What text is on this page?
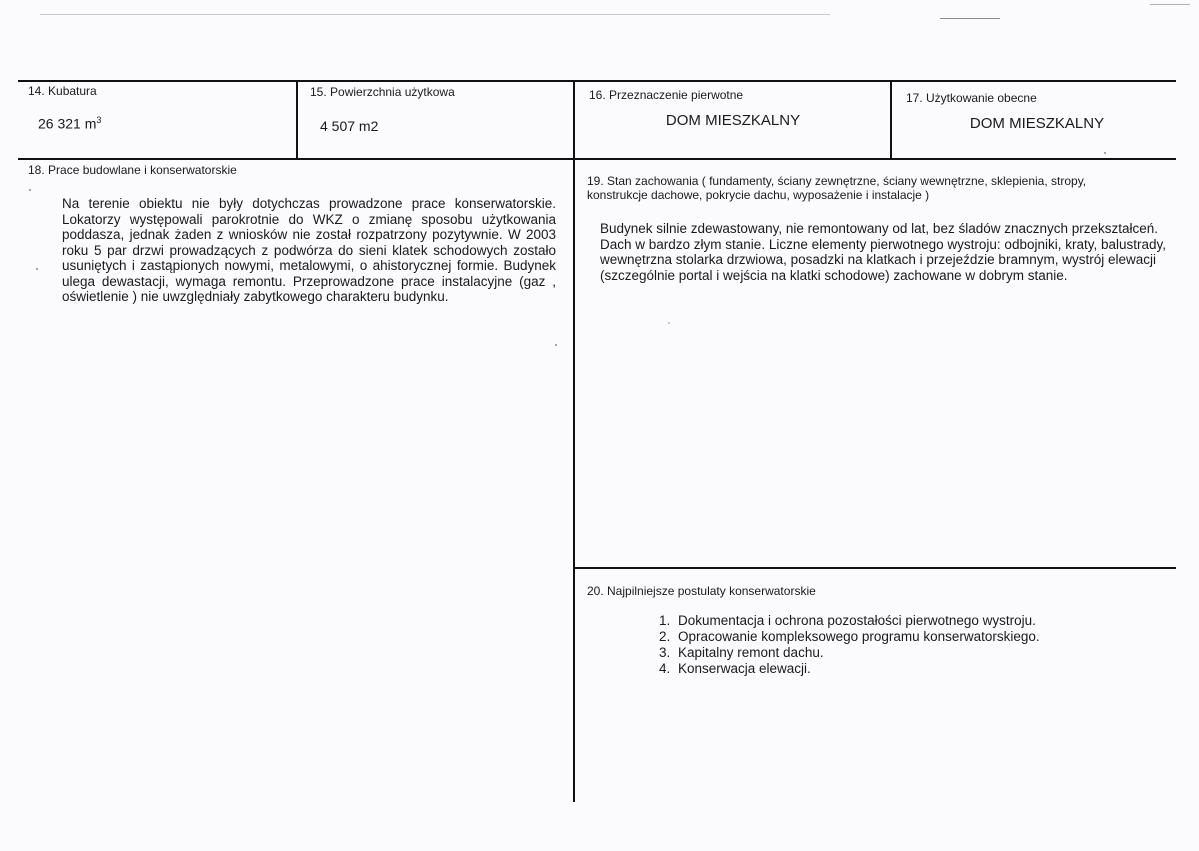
14. Kubatura
26 321 $m^3$
15. Powierzchnia użytkowa
4 507 m2
16. Przeznaczenie pierwotne
DOM MIESZKALNY
17. Użytkowanie obecne
DOM MIESZKALNY
18. Prace budowlane i konserwatorskie

Na terenie obiektu nie były dotychczas prowadzone prace konserwatorskie. Lokatorzy występowali parokrotnie do WKZ o zmianę sposobu użytkowania poddasza, jednak żaden z wniosków nie został rozpatrzony pozytywnie. W 2003 roku 5 par drzwi prowadzących z podwórza do sieni klatek schodowych zostało usuniętych i zastąpionych nowymi, metalowymi, o ahistorycznej formie. Budynek ulega dewastacji, wymaga remontu. Przeprowadzone prace instalacyjne (gaz , oświetlenie ) nie uwzględniały zabytkowego charakteru budynku.

19. Stan zachowania ( fundamenty, ściany zewnętrzne, ściany wewnętrzne, sklepienia, stropy, konstrukcje dachowe, pokrycie dachu, wyposażenie i instalacje )

Budynek silnie zdewastowany, nie remontowany od lat, bez śladów znacznych przekształceń. Dach w bardzo złym stanie. Liczne elementy pierwotnego wystroju: odbojniki, kraty, balustrady, wewnętrzna stolarka drzwiowa, posadzki na klatkach i przejeździe bramnym, wystrój elewacji (szczególnie portal i wejścia na klatki schodowe) zachowane w dobrym stanie.

20. Najpilniejsze postulaty konserwatorskie
1. Dokumentacja i ochrona pozostałości pierwotnego wystroju.
2. Opracowanie kompleksowego programu konserwatorskiego.
3. Kapitalny remont dachu.
4. Konserwacja elewacji.
